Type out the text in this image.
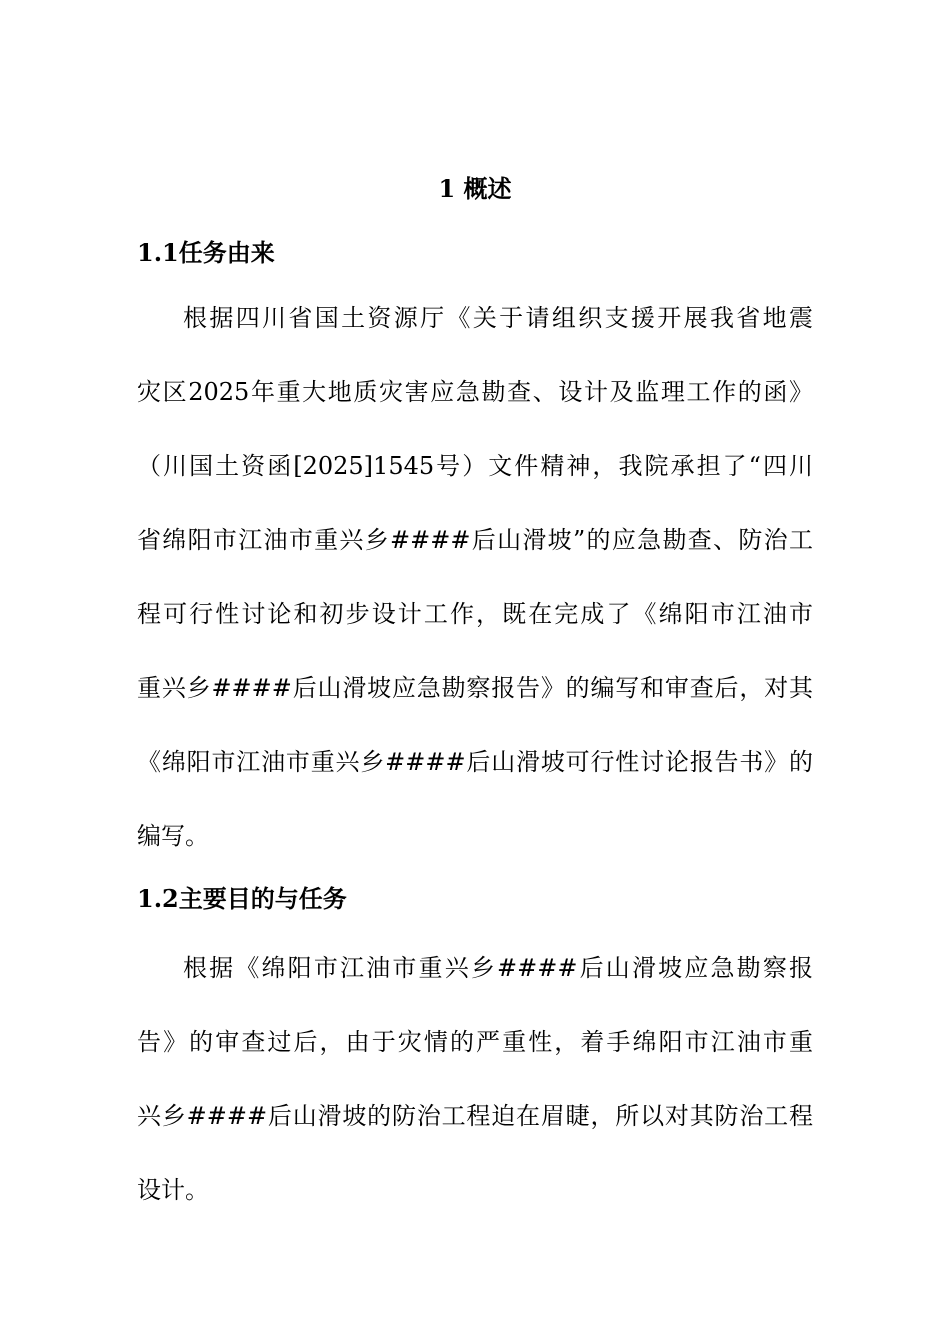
1 概述
1.1任务由来
根据四川省国土资源厅《关于请组织支援开展我省地震
灾区2025年重大地质灾害应急勘查、设计及监理工作的函》
（川国土资函[2025]1545号）文件精神，我院承担了“四川
省绵阳市江油市重兴乡####后山滑坡”的应急勘查、防治工
程可行性讨论和初步设计工作，既在完成了《绵阳市江油市
重兴乡####后山滑坡应急勘察报告》的编写和审查后，对其
《绵阳市江油市重兴乡####后山滑坡可行性讨论报告书》的
编写。
1.2主要目的与任务
根据《绵阳市江油市重兴乡####后山滑坡应急勘察报
告》的审查过后，由于灾情的严重性，着手绵阳市江油市重
兴乡####后山滑坡的防治工程迫在眉睫，所以对其防治工程
设计。
